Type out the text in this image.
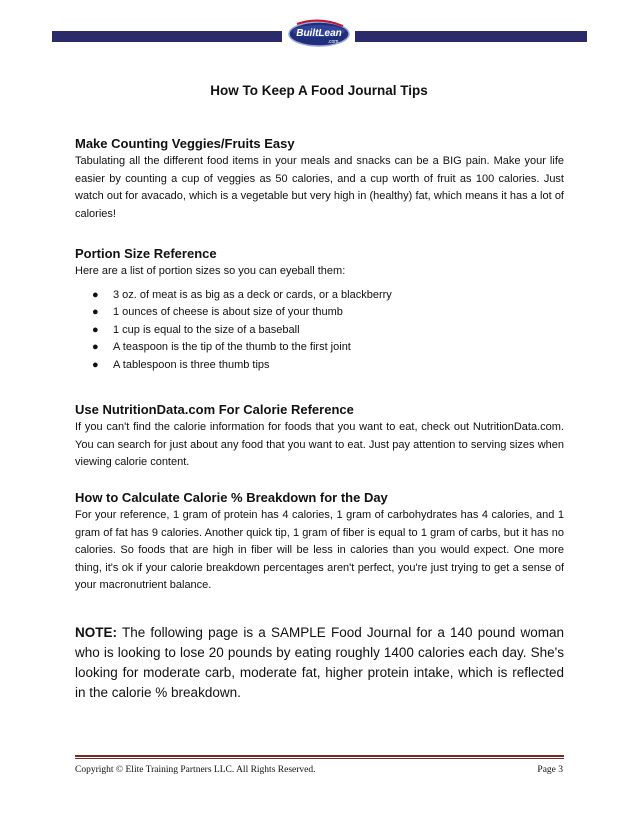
BuiltLean
.com
How To Keep A Food Journal Tips
Make Counting Veggies/Fruits Easy

Tabulating all the different food items in your meals and snacks can be a BIG pain. Make your life easier by counting a cup of veggies as 50 calories, and a cup worth of fruit as 100 calories. Just watch out for avacado, which is a vegetable but very high in (healthy) fat, which means it has a lot of calories!

Portion Size Reference

Here are a list of portion sizes so you can eyeball them:

● 3 oz. of meat is as big as a deck or cards, or a blackberry
● 1 ounces of cheese is about size of your thumb
● 1 cup is equal to the size of a baseball
● A teaspoon is the tip of the thumb to the first joint
● A tablespoon is three thumb tips
Use NutritionData.com For Calorie Reference

If you can't find the calorie information for foods that you want to eat, check out NutritionData.com. You can search for just about any food that you want to eat. Just pay attention to serving sizes when viewing calorie content.

How to Calculate Calorie % Breakdown for the Day

For your reference, 1 gram of protein has 4 calories, 1 gram of carbohydrates has 4 calories, and 1 gram of fat has 9 calories. Another quick tip, 1 gram of fiber is equal to 1 gram of carbs, but it has no calories. So foods that are high in fiber will be less in calories than you would expect. One more thing, it's ok if your calorie breakdown percentages aren't perfect, you're just trying to get a sense of your macronutrient balance.

NOTE: The following page is a SAMPLE Food Journal for a 140 pound woman who is looking to lose 20 pounds by eating roughly 1400 calories each day. She's looking for moderate carb, moderate fat, higher protein intake, which is reflected in the calorie % breakdown.
Copyright © Elite Training Partners LLC. All Rights Reserved.	Page 3
